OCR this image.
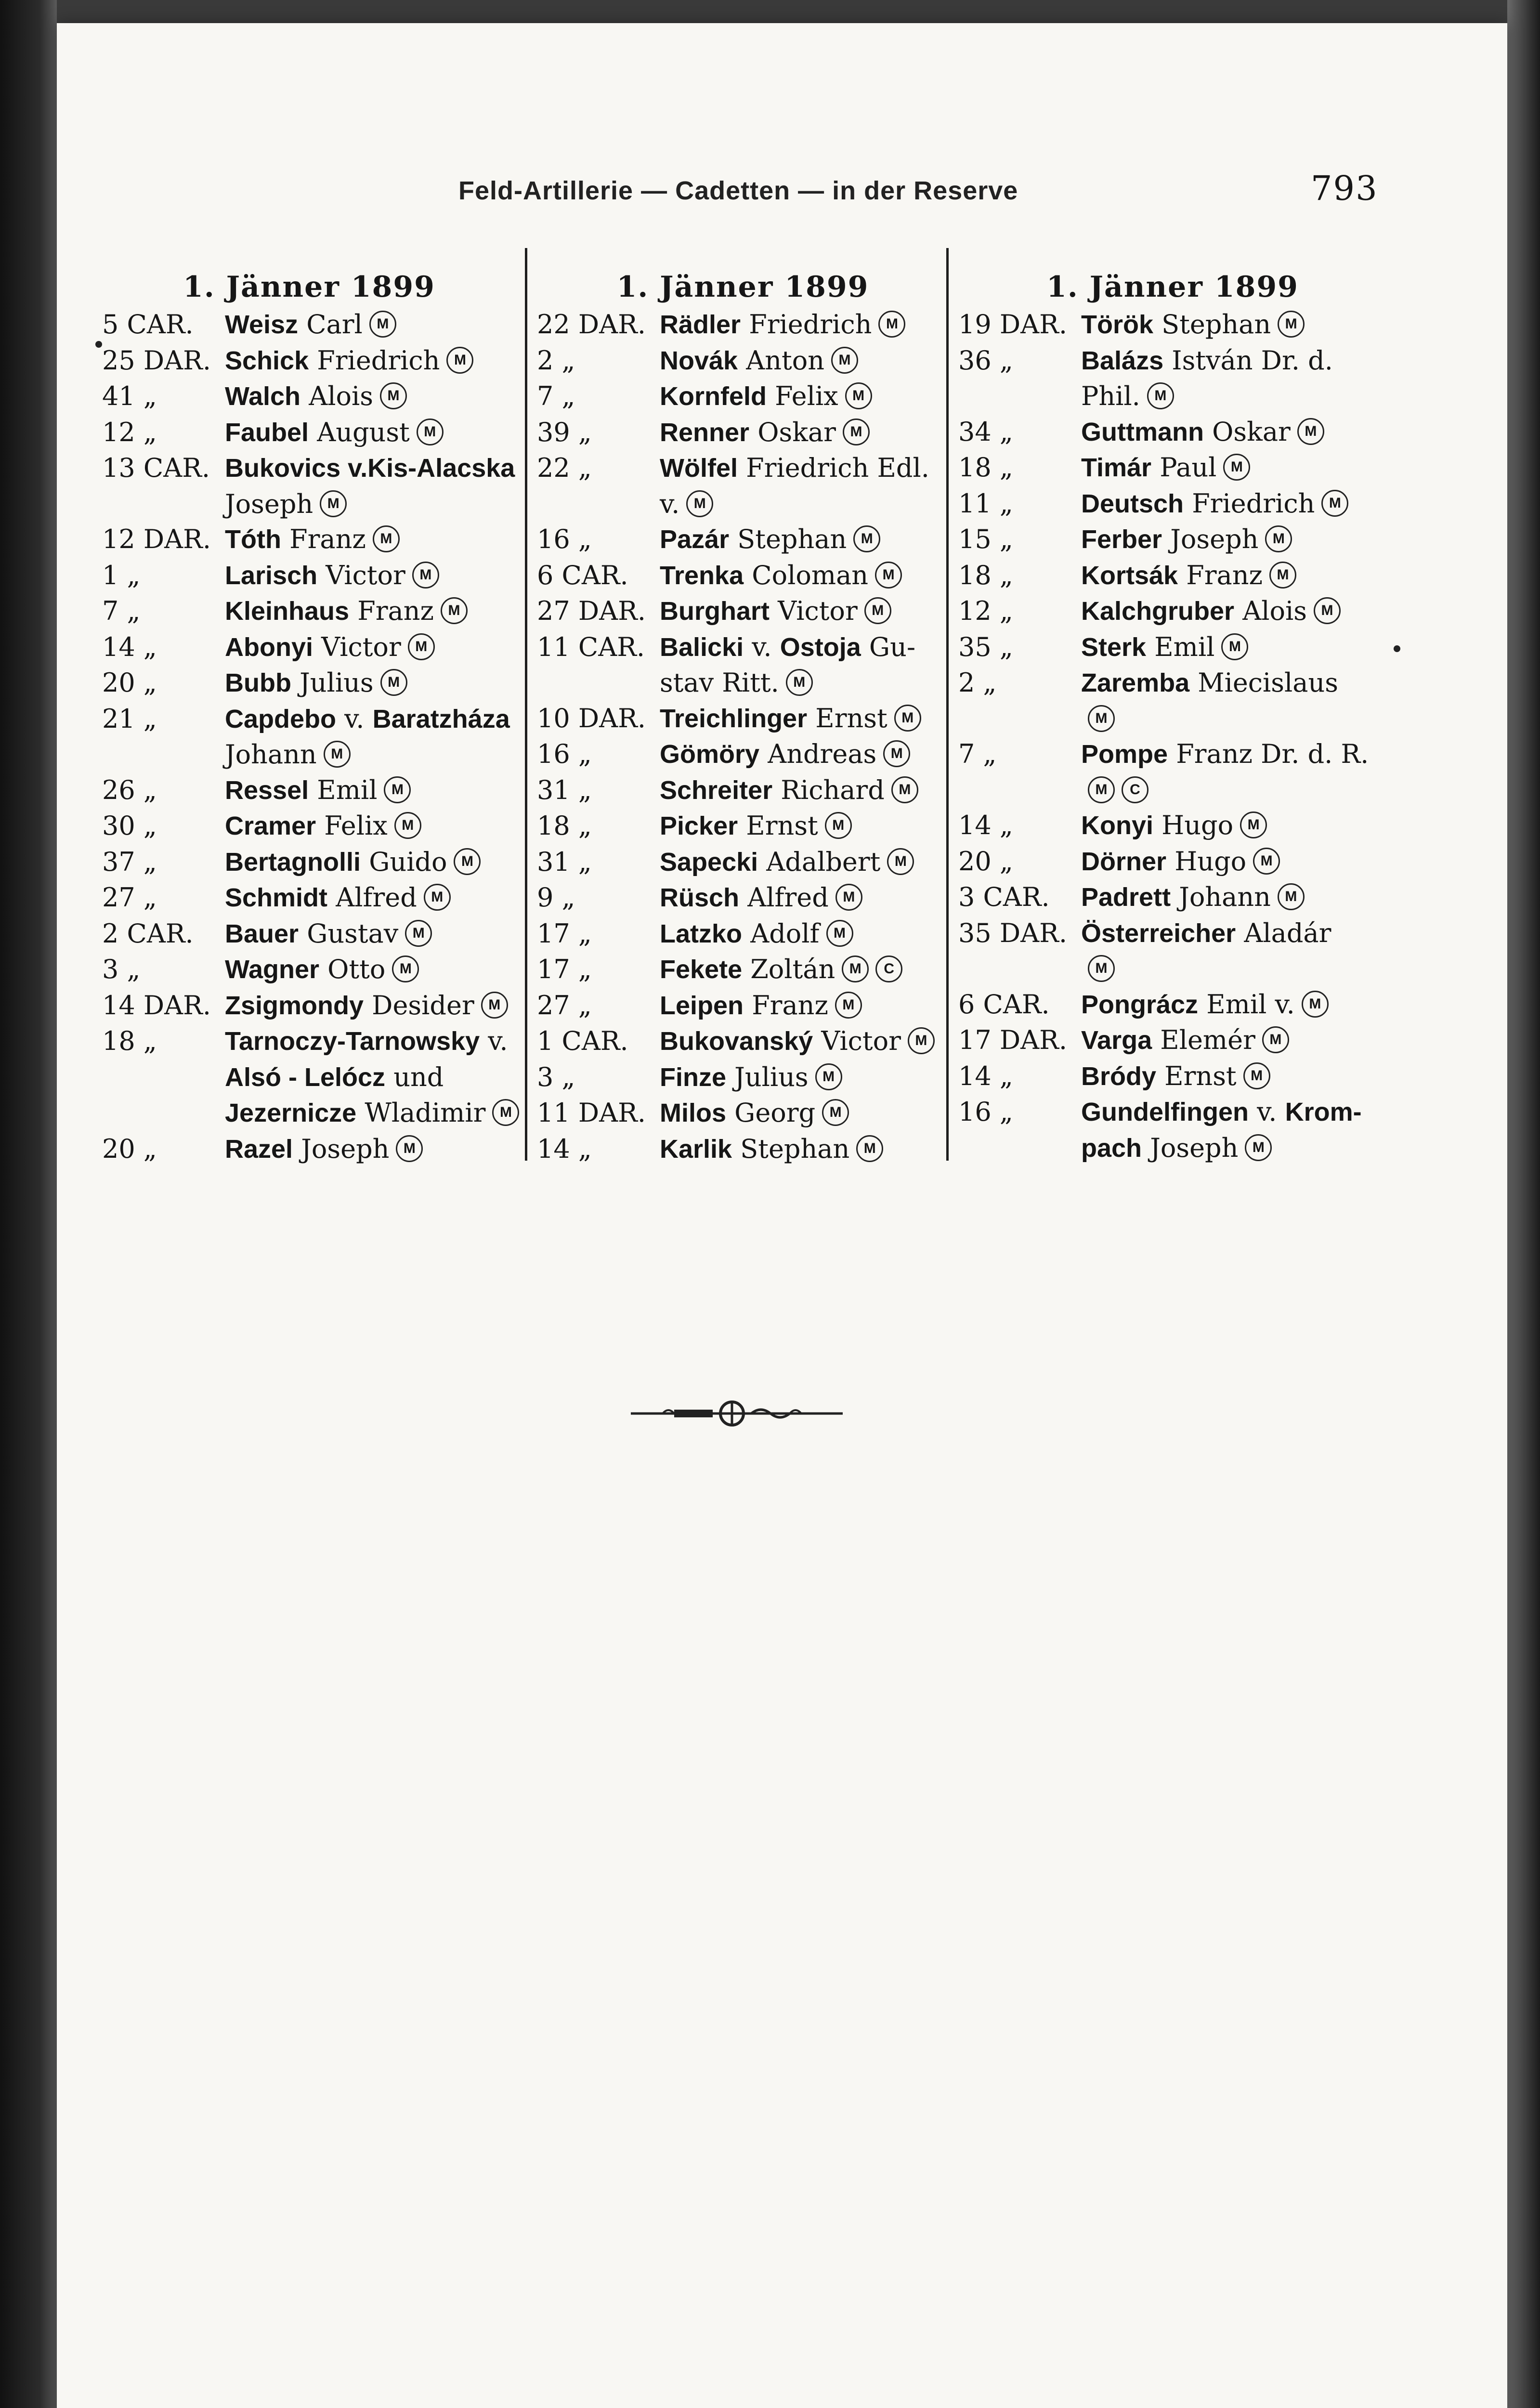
Feld-Artillerie — Cadetten — in der Reserve	793
1. Jänner 1899
5 CAR.	Weisz Carl M
25 DAR. Schick Friedrich M
41 „	Walch Alois M
12 „	Faubel August M
13 CAR. Bukovics v.Kis-Alacska
Joseph M
12 DAR. Tóth Franz M
1 „	Larisch Victor M
7 „	Kleinhaus Franz M
14 „	Abonyi Victor M
20 „	Bubb Julius M
21 „	Capdebo v. Baratzháza
Johann M
26 „	Ressel Emil M
30 „	Cramer Felix M
37 „	Bertagnolli Guido M
27 „	Schmidt Alfred M
2 CAR.	Bauer Gustav M
3 „	Wagner Otto M
14 DAR. Zsigmondy Desider M
18 „	Tarnoczy-Tarnowsky v.
Alsó - Lelócz und
Jezernicze Wladimir M
20 „	Razel Joseph M
1. Jänner 1899
22 DAR. Rädler Friedrich M
2 „	Novák Anton M
7 „	Kornfeld Felix M
39 „	Renner Oskar M
22 „	Wölfel Friedrich Edl.
v. M
16 „	Pazár Stephan M
6 CAR.	Trenka Coloman M
27 DAR. Burghart Victor M
11 CAR. Balicki v. Ostoja Gu-
stav Ritt. M
10 DAR. Treichlinger Ernst M
16 „	Gömöry Andreas M
31 „	Schreiter Richard M
18 „	Picker Ernst M
31 „	Sapecki Adalbert M
9 „	Rüsch Alfred M
17 „	Latzko Adolf M
17 „	Fekete Zoltán M C
27 „	Leipen Franz M
1 CAR.	Bukovanský Victor M
3 „	Finze Julius M
11 DAR. Milos Georg M
14 „	Karlik Stephan M
1. Jänner 1899
19 DAR. Török Stephan M
36 „	Balázs István Dr. d.
Phil. M
34 „	Guttmann Oskar M
18 „	Timár Paul M
11 „	Deutsch Friedrich M
15 „	Ferber Joseph M
18 „	Kortsák Franz M
12 „	Kalchgruber Alois M
35 „	Sterk Emil M
2 „	Zaremba Miecislaus
M
7 „	Pompe Franz Dr. d. R.
M C
14 „	Konyi Hugo M
20 „	Dörner Hugo M
3 CAR.	Padrett Johann M
35 DAR. Österreicher Aladár
M
6 CAR.	Pongrácz Emil v. M
17 DAR. Varga Elemér M
14 „	Bródy Ernst M
16 „	Gundelfingen v. Krom-
pach Joseph M
